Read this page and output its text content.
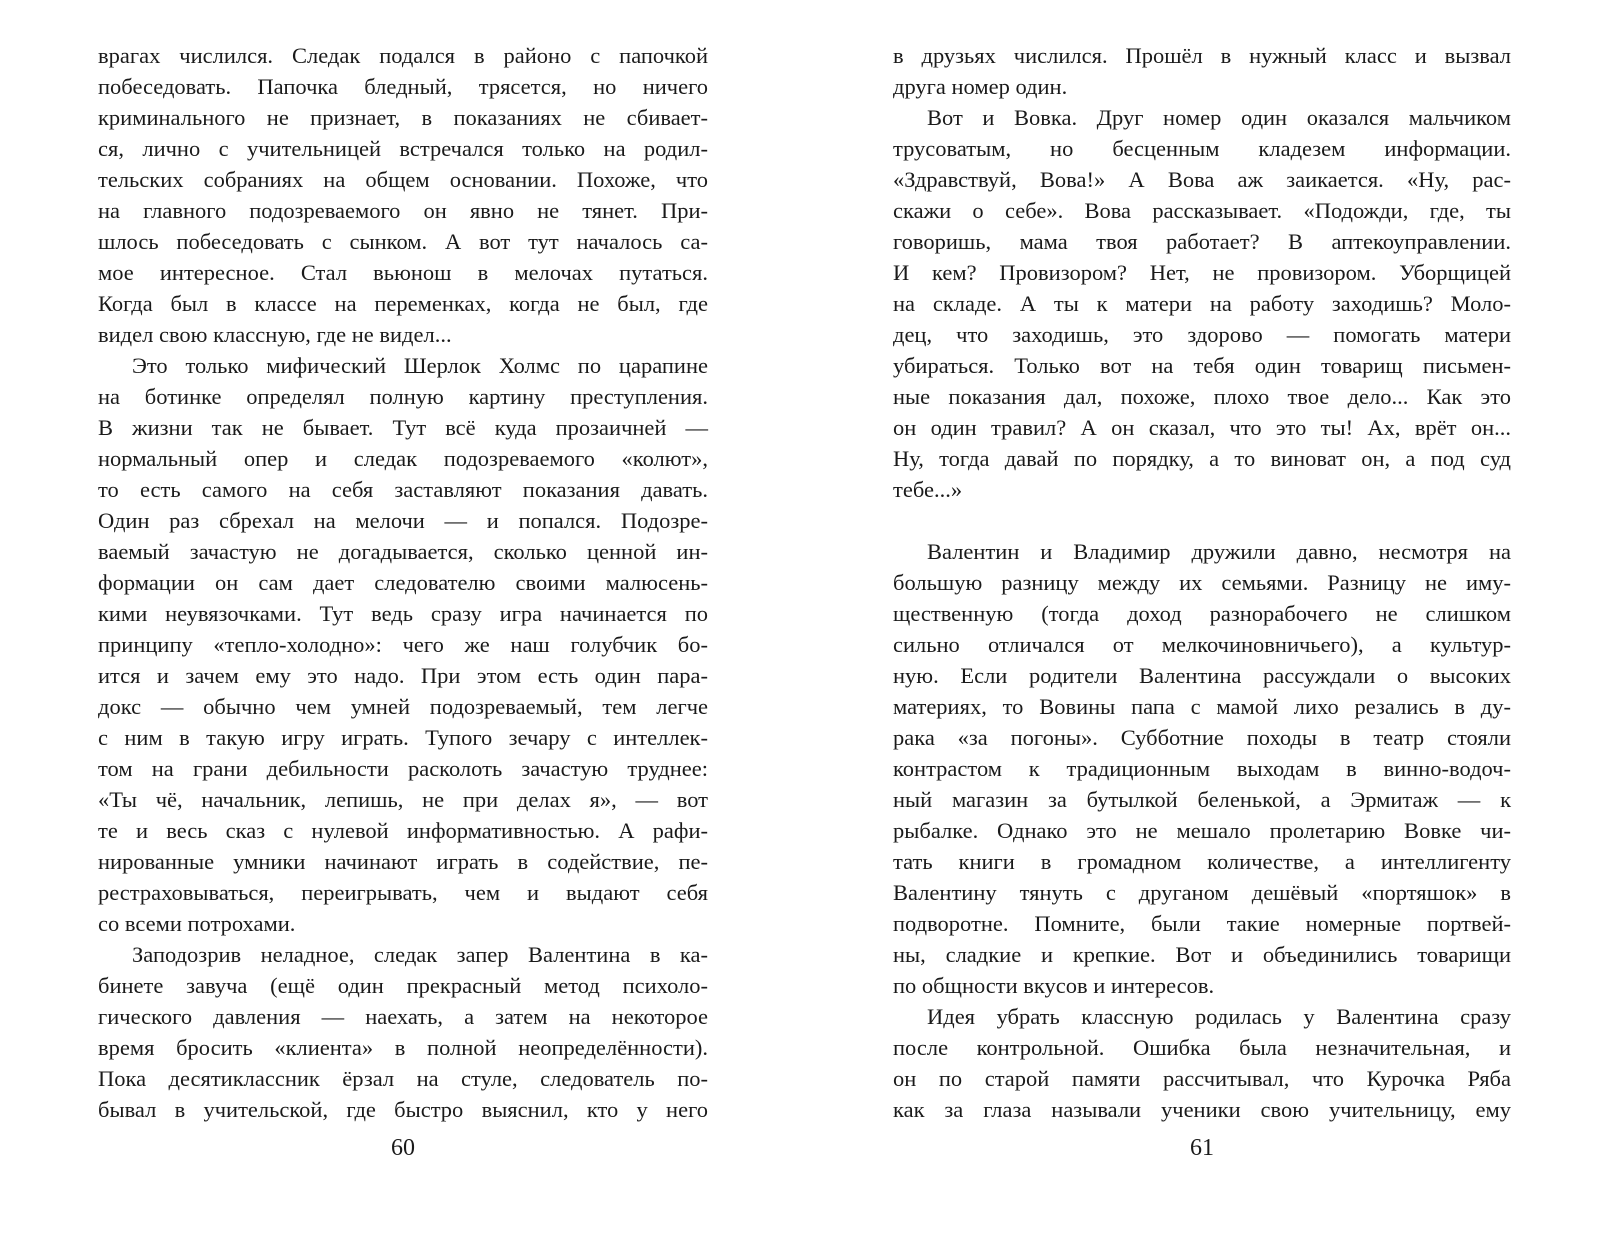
врагах числился. Следак подался в районо с папочкой
побеседовать. Папочка бледный, трясется, но ничего
криминального не признает, в показаниях не сбивает-
ся, лично с учительницей встречался только на родил-
тельских собраниях на общем основании. Похоже, что
на главного подозреваемого он явно не тянет. При-
шлось побеседовать с сынком. А вот тут началось са-
мое интересное. Стал вьюнош в мелочах путаться.
Когда был в классе на переменках, когда не был, где
видел свою классную, где не видел...
Это только мифический Шерлок Холмс по царапине
на ботинке определял полную картину преступления.
В жизни так не бывает. Тут всё куда прозаичней —
нормальный опер и следак подозреваемого «колют»,
то есть самого на себя заставляют показания давать.
Один раз сбрехал на мелочи — и попался. Подозре-
ваемый зачастую не догадывается, сколько ценной ин-
формации он сам дает следователю своими малюсень-
кими неувязочками. Тут ведь сразу игра начинается по
принципу «тепло-холодно»: чего же наш голубчик бо-
ится и зачем ему это надо. При этом есть один пара-
докс — обычно чем умней подозреваемый, тем легче
с ним в такую игру играть. Тупого зечару с интеллек-
том на грани дебильности расколоть зачастую труднее:
«Ты чё, начальник, лепишь, не при делах я», — вот
те и весь сказ с нулевой информативностью. А рафи-
нированные умники начинают играть в содействие, пе-
рестраховываться, переигрывать, чем и выдают себя
со всеми потрохами.
Заподозрив неладное, следак запер Валентина в ка-
бинете завуча (ещё один прекрасный метод психоло-
гического давления — наехать, а затем на некоторое
время бросить «клиента» в полной неопределённости).
Пока десятиклассник ёрзал на стуле, следователь по-
бывал в учительской, где быстро выяснил, кто у него
60
в друзьях числился. Прошёл в нужный класс и вызвал
друга номер один.
Вот и Вовка. Друг номер один оказался мальчиком
трусоватым, но бесценным кладезем информации.
«Здравствуй, Вова!» А Вова аж заикается. «Ну, рас-
скажи о себе». Вова рассказывает. «Подожди, где, ты
говоришь, мама твоя работает? В аптекоуправлении.
И кем? Провизором? Нет, не провизором. Уборщицей
на складе. А ты к матери на работу заходишь? Моло-
дец, что заходишь, это здорово — помогать матери
убираться. Только вот на тебя один товарищ письмен-
ные показания дал, похоже, плохо твое дело... Как это
он один травил? А он сказал, что это ты! Ах, врёт он...
Ну, тогда давай по порядку, а то виноват он, а под суд
тебе...»
Валентин и Владимир дружили давно, несмотря на
большую разницу между их семьями. Разницу не иму-
щественную (тогда доход разнорабочего не слишком
сильно отличался от мелкочиновничьего), а культур-
ную. Если родители Валентина рассуждали о высоких
материях, то Вовины папа с мамой лихо резались в ду-
рака «за погоны». Субботние походы в театр стояли
контрастом к традиционным выходам в винно-водоч-
ный магазин за бутылкой беленькой, а Эрмитаж — к
рыбалке. Однако это не мешало пролетарию Вовке чи-
тать книги в громадном количестве, а интеллигенту
Валентину тянуть с друганом дешёвый «портяшок» в
подворотне. Помните, были такие номерные портвей-
ны, сладкие и крепкие. Вот и объединились товарищи
по общности вкусов и интересов.
Идея убрать классную родилась у Валентина сразу
после контрольной. Ошибка была незначительная, и
он по старой памяти рассчитывал, что Курочка Ряба
как за глаза называли ученики свою учительницу, ему
61
